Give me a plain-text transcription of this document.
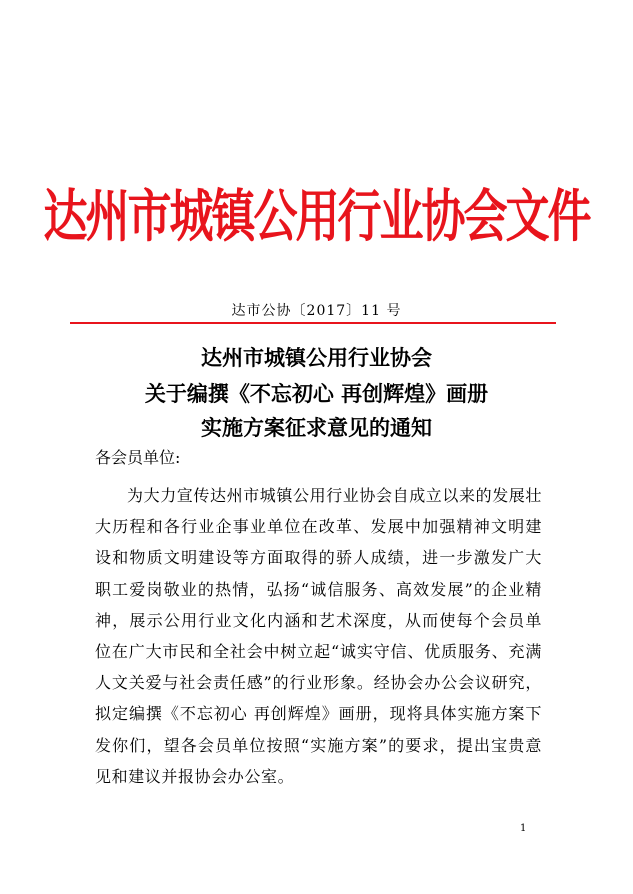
达州市城镇公用行业协会文件
达市公协〔2017〕11 号
达州市城镇公用行业协会
关于编撰《不忘初心 再创辉煌》画册
实施方案征求意见的通知
各会员单位:
为大力宣传达州市城镇公用行业协会自成立以来的发展壮大历程和各行业企事业单位在改革、发展中加强精神文明建设和物质文明建设等方面取得的骄人成绩，进一步激发广大职工爱岗敬业的热情，弘扬“诚信服务、高效发展”的企业精神，展示公用行业文化内涵和艺术深度，从而使每个会员单位在广大市民和全社会中树立起“诚实守信、优质服务、充满人文关爱与社会责任感”的行业形象。经协会办公会议研究，拟定编撰《不忘初心 再创辉煌》画册，现将具体实施方案下发你们，望各会员单位按照“实施方案”的要求，提出宝贵意见和建议并报协会办公室。
1
